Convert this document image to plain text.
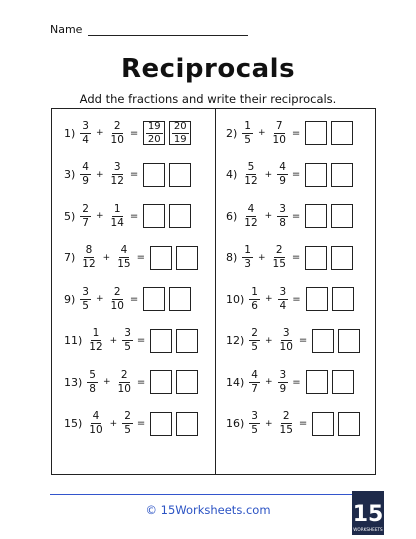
Name
Reciprocals
Add the fractions and write their reciprocals.
$1) \frac{3}{4} + \frac{2}{10} = \frac{19}{20} \frac{20}{19}$	$2) \frac{1}{5} + \frac{7}{10}$ =
$3) \frac{4}{9} + \frac{3}{12}$ =	$4) \frac{5}{12} + \frac{4}{9}$ =
$5) \frac{2}{7} + \frac{1}{14}$ =	$6) \frac{4}{12} + \frac{3}{8}$ =
$7) \frac{8}{12} + \frac{4}{15}$ =	$8) \frac{1}{3} + \frac{2}{15}$ =
$9) \frac{3}{5} + \frac{2}{10}$ =	$10) \frac{1}{6} + \frac{3}{4}$ =
$11) \frac{1}{12} + \frac{3}{5}$ =	$12) \frac{2}{5} + \frac{3}{10}$ =
$13) \frac{5}{8} + \frac{2}{10}$ =	$14) \frac{4}{7} + \frac{3}{9}$ =
$15) \frac{4}{10} + \frac{2}{5}$ =	$16) \frac{3}{5} + \frac{2}{15}$ =
© 15Worksheets.com	15
WORKSHEETS
